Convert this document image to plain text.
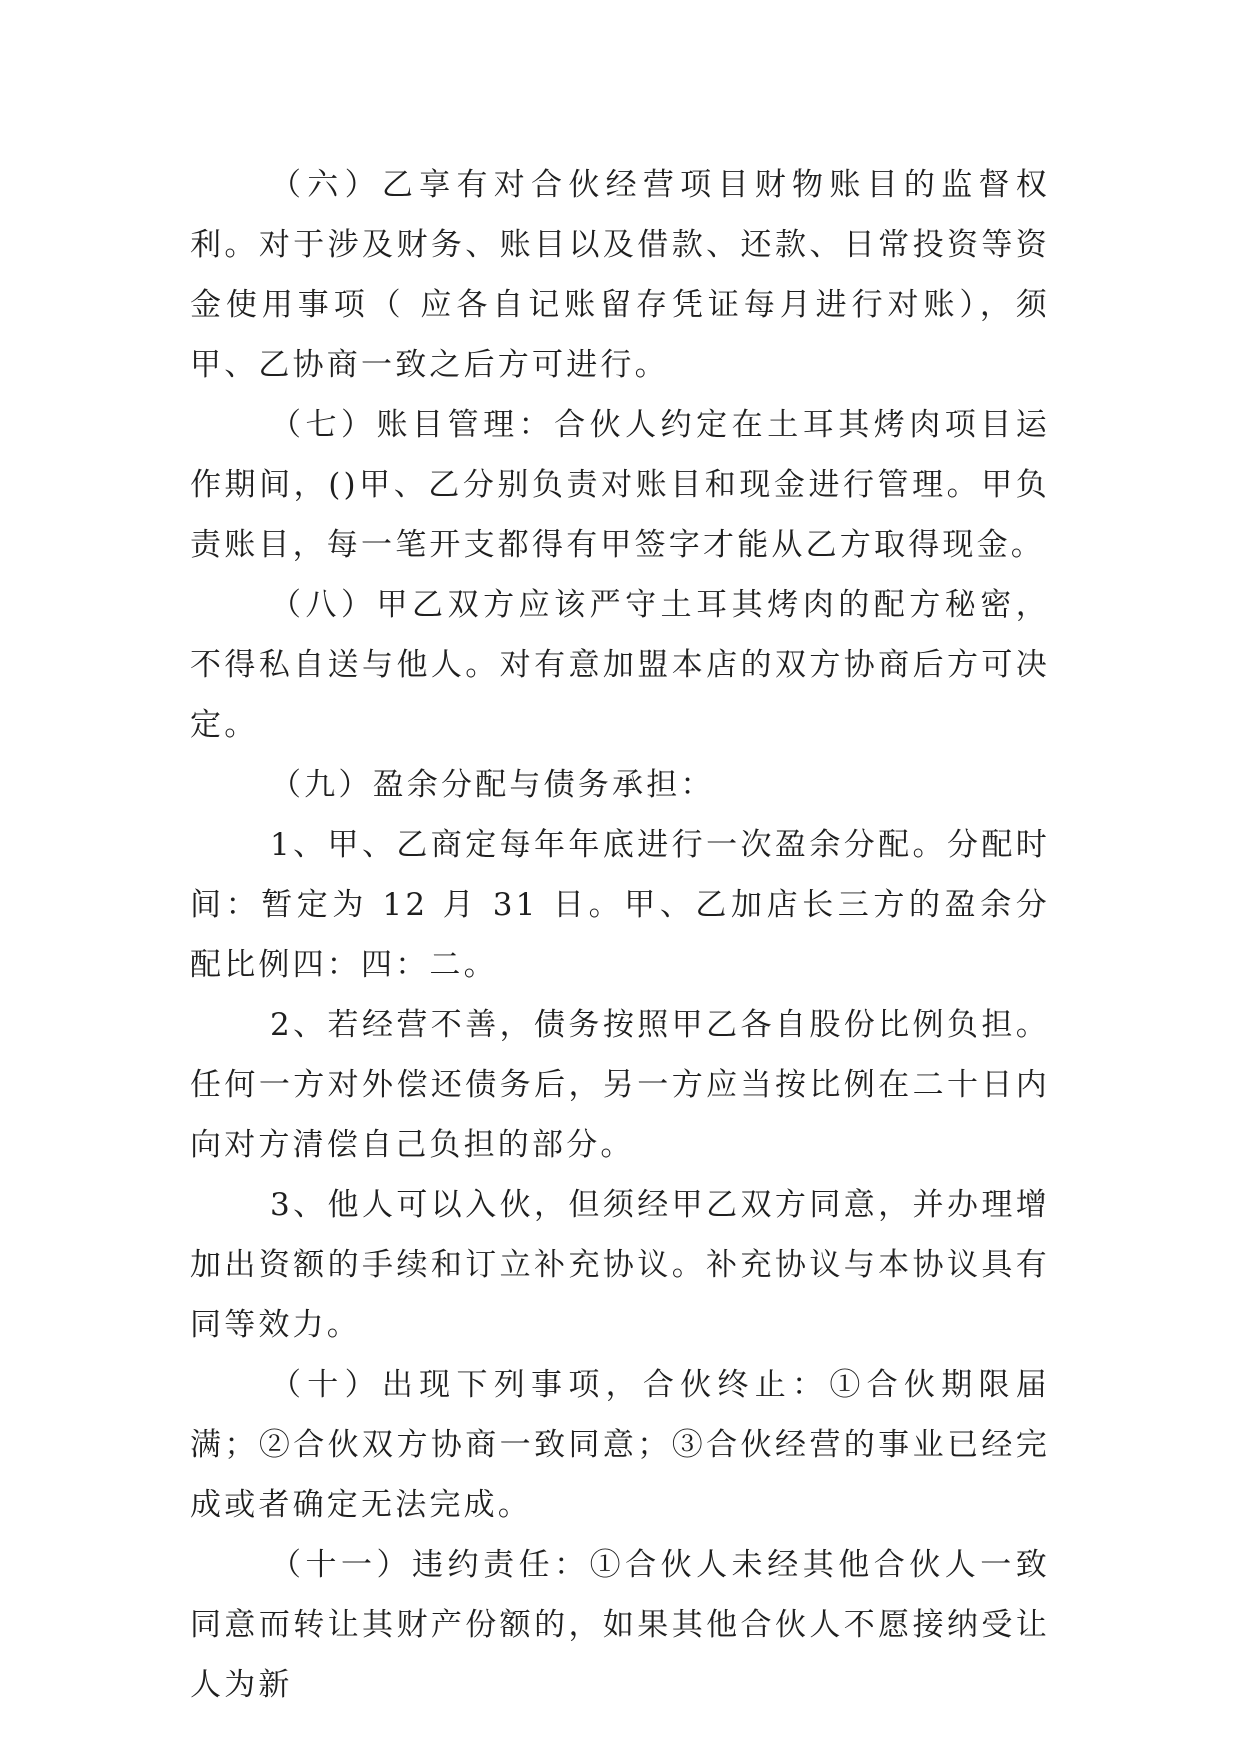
（六）乙享有对合伙经营项目财物账目的监督权利。对于涉及财务、账目以及借款、还款、日常投资等资金使用事项（ 应各自记账留存凭证每月进行对账），须甲、乙协商一致之后方可进行。

（七）账目管理：合伙人约定在土耳其烤肉项目运作期间，()甲、乙分别负责对账目和现金进行管理。甲负责账目，每一笔开支都得有甲签字才能从乙方取得现金。

（八）甲乙双方应该严守土耳其烤肉的配方秘密，不得私自送与他人。对有意加盟本店的双方协商后方可决定。

（九）盈余分配与债务承担：

1、甲、乙商定每年年底进行一次盈余分配。分配时间：暂定为 12 月 31 日。甲、乙加店长三方的盈余分配比例四：四：二。

2、若经营不善，债务按照甲乙各自股份比例负担。任何一方对外偿还债务后，另一方应当按比例在二十日内向对方清偿自己负担的部分。

3、他人可以入伙，但须经甲乙双方同意，并办理增加出资额的手续和订立补充协议。补充协议与本协议具有同等效力。

（十）出现下列事项，合伙终止：①合伙期限届满；②合伙双方协商一致同意；③合伙经营的事业已经完成或者确定无法完成。

（十一）违约责任：①合伙人未经其他合伙人一致同意而转让其财产份额的，如果其他合伙人不愿接纳受让人为新
